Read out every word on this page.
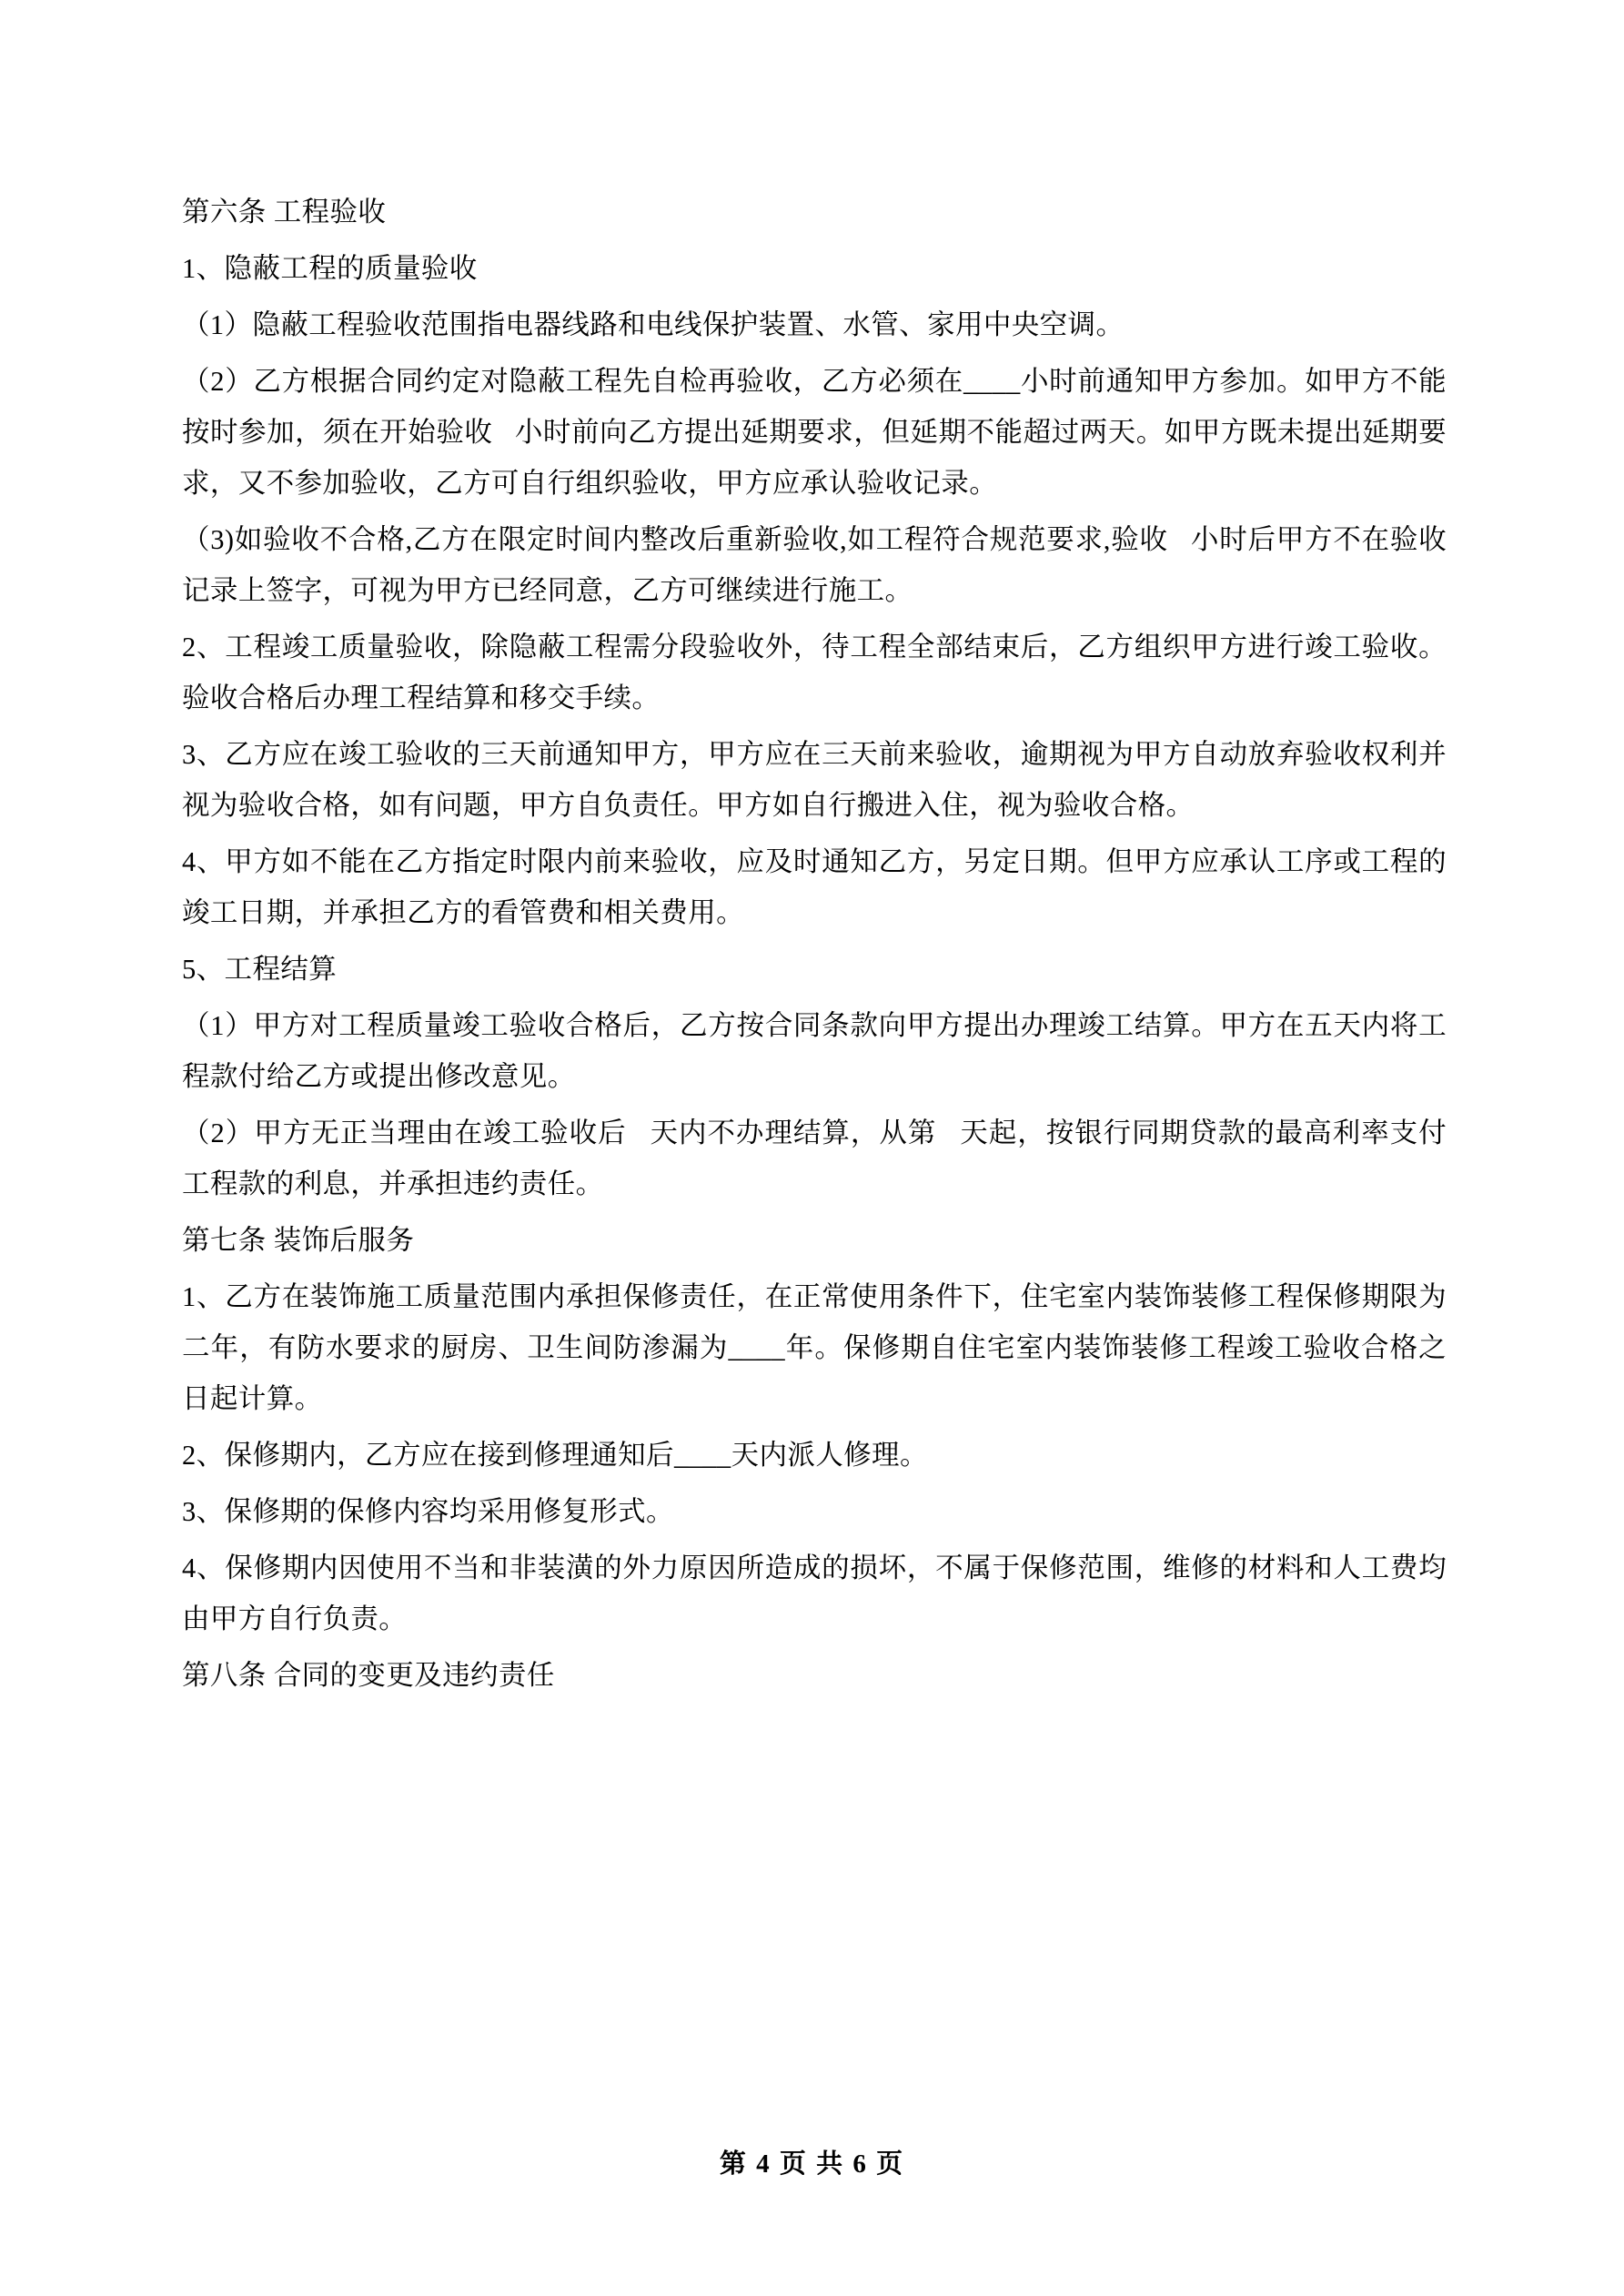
第六条 工程验收

1、隐蔽工程的质量验收

（1）隐蔽工程验收范围指电器线路和电线保护装置、水管、家用中央空调。

（2）乙方根据合同约定对隐蔽工程先自检再验收，乙方必须在____小时前通知甲方参加。如甲方不能按时参加，须在开始验收   小时前向乙方提出延期要求，但延期不能超过两天。如甲方既未提出延期要求，又不参加验收，乙方可自行组织验收，甲方应承认验收记录。

（3)如验收不合格,乙方在限定时间内整改后重新验收,如工程符合规范要求,验收   小时后甲方不在验收记录上签字，可视为甲方已经同意，乙方可继续进行施工。

2、工程竣工质量验收，除隐蔽工程需分段验收外，待工程全部结束后，乙方组织甲方进行竣工验收。验收合格后办理工程结算和移交手续。

3、乙方应在竣工验收的三天前通知甲方，甲方应在三天前来验收，逾期视为甲方自动放弃验收权利并视为验收合格，如有问题，甲方自负责任。甲方如自行搬进入住，视为验收合格。

4、甲方如不能在乙方指定时限内前来验收，应及时通知乙方，另定日期。但甲方应承认工序或工程的竣工日期，并承担乙方的看管费和相关费用。

5、工程结算

（1）甲方对工程质量竣工验收合格后，乙方按合同条款向甲方提出办理竣工结算。甲方在五天内将工程款付给乙方或提出修改意见。

（2）甲方无正当理由在竣工验收后   天内不办理结算，从第   天起，按银行同期贷款的最高利率支付工程款的利息，并承担违约责任。

第七条 装饰后服务

1、乙方在装饰施工质量范围内承担保修责任，在正常使用条件下，住宅室内装饰装修工程保修期限为二年，有防水要求的厨房、卫生间防渗漏为____年。保修期自住宅室内装饰装修工程竣工验收合格之日起计算。

2、保修期内，乙方应在接到修理通知后____天内派人修理。

3、保修期的保修内容均采用修复形式。

4、保修期内因使用不当和非装潢的外力原因所造成的损坏，不属于保修范围，维修的材料和人工费均由甲方自行负责。

第八条 合同的变更及违约责任

第 4 页 共 6 页
